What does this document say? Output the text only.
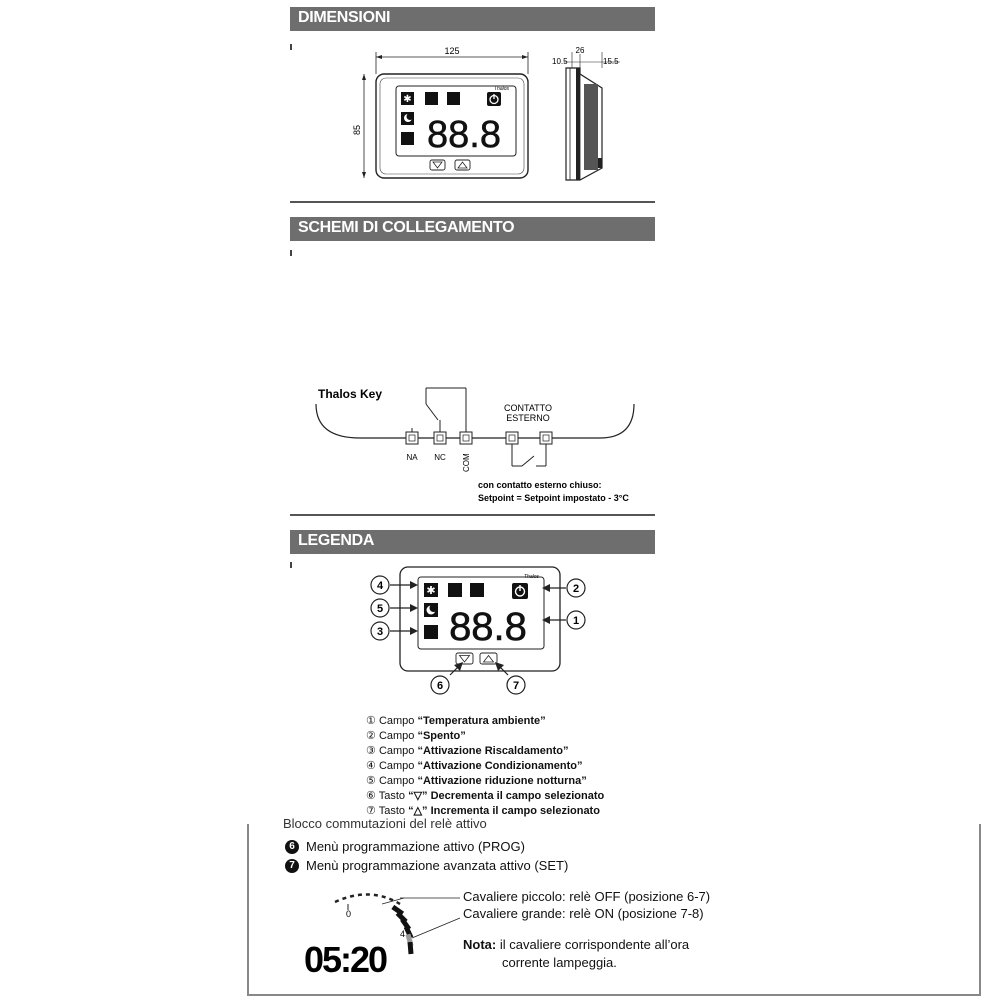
DIMENSIONI
125
85
Thalos
✱
88.8
26
10.5	15.5
SCHEMI DI COLLEGAMENTO
Thalos Key
CONTATTO
ESTERNO
NA NC COM
con contatto esterno chiuso:
Setpoint = Setpoint impostato - 3°C
LEGENDA
Thalos
✱
88.8
4
5
3
2
1
6	7
① Campo “Temperatura ambiente”
② Campo “Spento”
③ Campo “Attivazione Riscaldamento”
④ Campo “Attivazione Condizionamento”
⑤ Campo “Attivazione riduzione notturna”
⑥ Tasto “▽” Decrementa il campo selezionato
⑦ Tasto “△” Incrementa il campo selezionato
Blocco commutazioni del relè attivo
6 Menù programmazione attivo (PROG)
7 Menù programmazione avanzata attivo (SET)
0
4
05:20
Cavaliere piccolo: relè OFF (posizione 6-7)
Cavaliere grande: relè ON (posizione 7-8)
Nota: il cavaliere corrispondente all’ora
corrente lampeggia.
